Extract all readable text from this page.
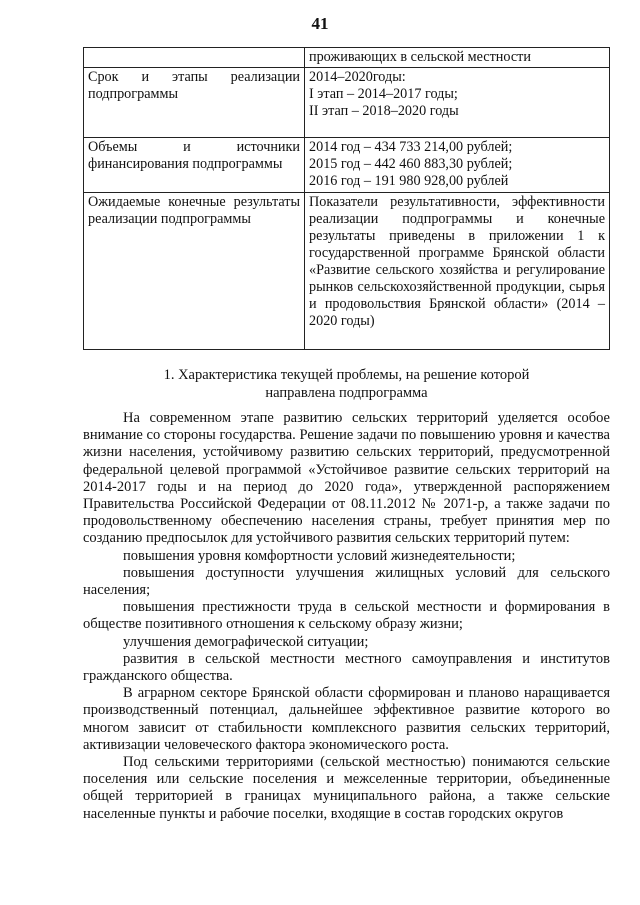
41

	проживающих в сельской местности

Срок и этапы реализации подпрограммы	2014–2020годы:
I этап – 2014–2017 годы;
II этап – 2018–2020 годы

Объемы и источники финансирования подпрограммы	2014 год – 434 733 214,00 рублей;
2015 год – 442 460 883,30 рублей;
2016 год – 191 980 928,00 рублей

Ожидаемые конечные результаты реализации подпрограммы	Показатели результативности, эффективности реализации подпрограммы и конечные результаты приведены в приложении 1 к государственной программе Брянской области «Развитие сельского хозяйства и регулирование рынков сельскохозяйственной продукции, сырья и продовольствия Брянской области» (2014 – 2020 годы)
1. Характеристика текущей проблемы, на решение которой
направлена подпрограмма

На современном этапе развитию сельских территорий уделяется особое внимание со стороны государства. Решение задачи по повышению уровня и качества жизни населения, устойчивому развитию сельских территорий, предусмотренной федеральной целевой программой «Устойчивое развитие сельских территорий на 2014-2017 годы и на период до 2020 года», утвержденной распоряжением Правительства Российской Федерации от 08.11.2012 № 2071-р, а также задачи по продовольственному обеспечению населения страны, требует принятия мер по созданию предпосылок для устойчивого развития сельских территорий путем:

повышения уровня комфортности условий жизнедеятельности;

повышения доступности улучшения жилищных условий для сельского населения;

повышения престижности труда в сельской местности и формирования в обществе позитивного отношения к сельскому образу жизни;

улучшения демографической ситуации;

развития в сельской местности местного самоуправления и институтов гражданского общества.

В аграрном секторе Брянской области сформирован и планово наращивается производственный потенциал, дальнейшее эффективное развитие которого во многом зависит от стабильности комплексного развития сельских территорий, активизации человеческого фактора экономического роста.

Под сельскими территориями (сельской местностью) понимаются сельские поселения или сельские поселения и межселенные территории, объединенные общей территорией в границах муниципального района, а также сельские населенные пункты и рабочие поселки, входящие в состав городских округов
